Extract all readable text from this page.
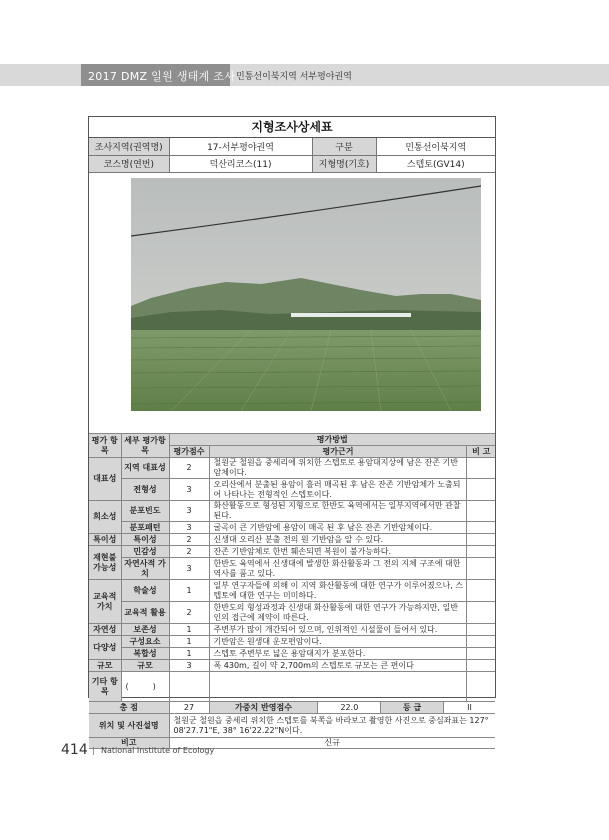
2017 DMZ 일원 생태계 조사 민통선이북지역 서부평야권역
지형조사상세표
조사지역(권역명)	17-서부평야권역	구분	민통선이북지역
코스명(연번)	덕산리코스(11)	지형명(기호)	스텝토(GV14)
평가 항목	세부 평가항목	평가방법
평가점수	평가근거	비 고
대표성	지역 대표성	2	철원군 철원읍 중세리에 위치한 스텝토로 용암대지상에 남은 잔존 기반암체이다.	
전형성	3	오리산에서 분출된 용암이 흘러 매곡된 후 남은 잔존 기반암체가 노출되어 나타나는 전형적인 스텝토이다.	
희소성	분포빈도	3	화산활동으로 형성된 지형으로 한반도 육역에서는 일부지역에서만 관찰된다.	
분포패턴	3	굴곡이 큰 기반암에 용암이 매곡 된 후 남은 잔존 기반암체이다.	
특이성	특이성	2	신생대 오리산 분출 전의 원 기반암을 알 수 있다.	
재현불 가능성	민감성	2	잔존 기반암체로 한번 훼손되면 복원이 불가능하다.	
자연사적 가치	3	한반도 육역에서 신생대에 발생한 화산활동과 그 전의 지체 구조에 대한 역사를 품고 있다.	
교육적 가치	학술성	1	일부 연구자들에 의해 이 지역 화산활동에 대한 연구가 이루어졌으나, 스텝토에 대한 연구는 미미하다.	
교육적 활용	2	한반도의 형성과정과 신생대 화산활동에 대한 연구가 가능하지만, 일반인의 접근에 제약이 따른다.	
자연성	보존성	1	주변부가 많이 개간되어 있으며, 인위적인 시설물이 들어서 있다.	
다양성	구성요소	1	기반암은 원생대 운모편암이다.	
복합성	1	스텝토 주변부로 넓은 용암대지가 분포한다.	
규모	규모	3	폭 430m, 길이 약 2,700m의 스텝토로 규모는 큰 편이다	
기타 항목	(　　　)			
총 점	27		가중치 반영점수	22.0	등 급	II

위치 및 사진설명	철원군 철원읍 중세리 위치한 스텝토를 북쪽을 바라보고 촬영한 사진으로 중심좌표는 127° 08'27.71"E, 38° 16'22.22"N이다.
비고	신규
414 | National Institute of Ecology
